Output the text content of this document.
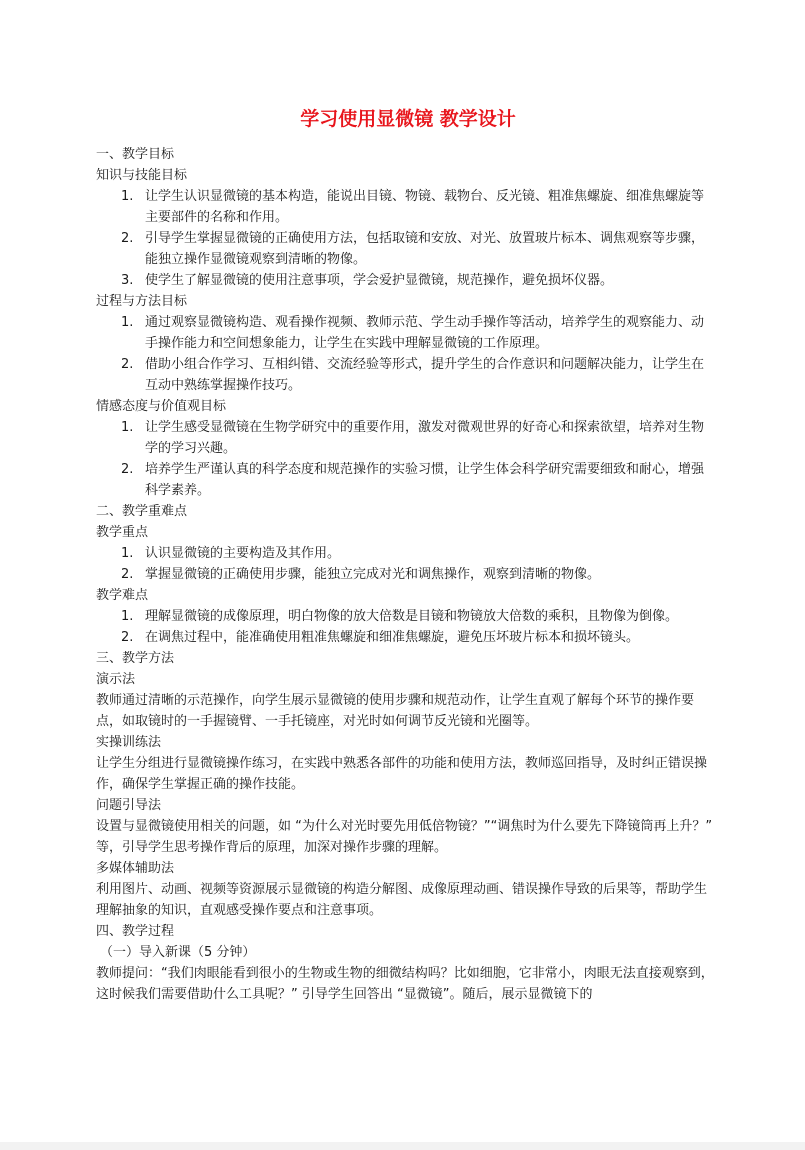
学习使用显微镜 教学设计

一、教学目标

知识与技能目标

1. 让学生认识显微镜的基本构造，能说出目镜、物镜、载物台、反光镜、粗准焦螺旋、细准焦螺旋等主要部件的名称和作用。
2. 引导学生掌握显微镜的正确使用方法，包括取镜和安放、对光、放置玻片标本、调焦观察等步骤，能独立操作显微镜观察到清晰的物像。
3. 使学生了解显微镜的使用注意事项，学会爱护显微镜，规范操作，避免损坏仪器。

过程与方法目标

1. 通过观察显微镜构造、观看操作视频、教师示范、学生动手操作等活动，培养学生的观察能力、动手操作能力和空间想象能力，让学生在实践中理解显微镜的工作原理。
2. 借助小组合作学习、互相纠错、交流经验等形式，提升学生的合作意识和问题解决能力，让学生在互动中熟练掌握操作技巧。

情感态度与价值观目标

1. 让学生感受显微镜在生物学研究中的重要作用，激发对微观世界的好奇心和探索欲望，培养对生物学的学习兴趣。
2. 培养学生严谨认真的科学态度和规范操作的实验习惯，让学生体会科学研究需要细致和耐心，增强科学素养。

二、教学重难点

教学重点

1. 认识显微镜的主要构造及其作用。
2. 掌握显微镜的正确使用步骤，能独立完成对光和调焦操作，观察到清晰的物像。

教学难点

1. 理解显微镜的成像原理，明白物像的放大倍数是目镜和物镜放大倍数的乘积，且物像为倒像。
2. 在调焦过程中，能准确使用粗准焦螺旋和细准焦螺旋，避免压坏玻片标本和损坏镜头。

三、教学方法

演示法

教师通过清晰的示范操作，向学生展示显微镜的使用步骤和规范动作，让学生直观了解每个环节的操作要点，如取镜时的一手握镜臂、一手托镜座，对光时如何调节反光镜和光圈等。

实操训练法

让学生分组进行显微镜操作练习，在实践中熟悉各部件的功能和使用方法，教师巡回指导，及时纠正错误操作，确保学生掌握正确的操作技能。

问题引导法

设置与显微镜使用相关的问题，如 “为什么对光时要先用低倍物镜？”“调焦时为什么要先下降镜筒再上升？” 等，引导学生思考操作背后的原理，加深对操作步骤的理解。

多媒体辅助法

利用图片、动画、视频等资源展示显微镜的构造分解图、成像原理动画、错误操作导致的后果等，帮助学生理解抽象的知识，直观感受操作要点和注意事项。

四、教学过程

（一）导入新课（5 分钟）

教师提问：“我们肉眼能看到很小的生物或生物的细微结构吗？比如细胞，它非常小，肉眼无法直接观察到，这时候我们需要借助什么工具呢？” 引导学生回答出 “显微镜”。随后，展示显微镜下的
